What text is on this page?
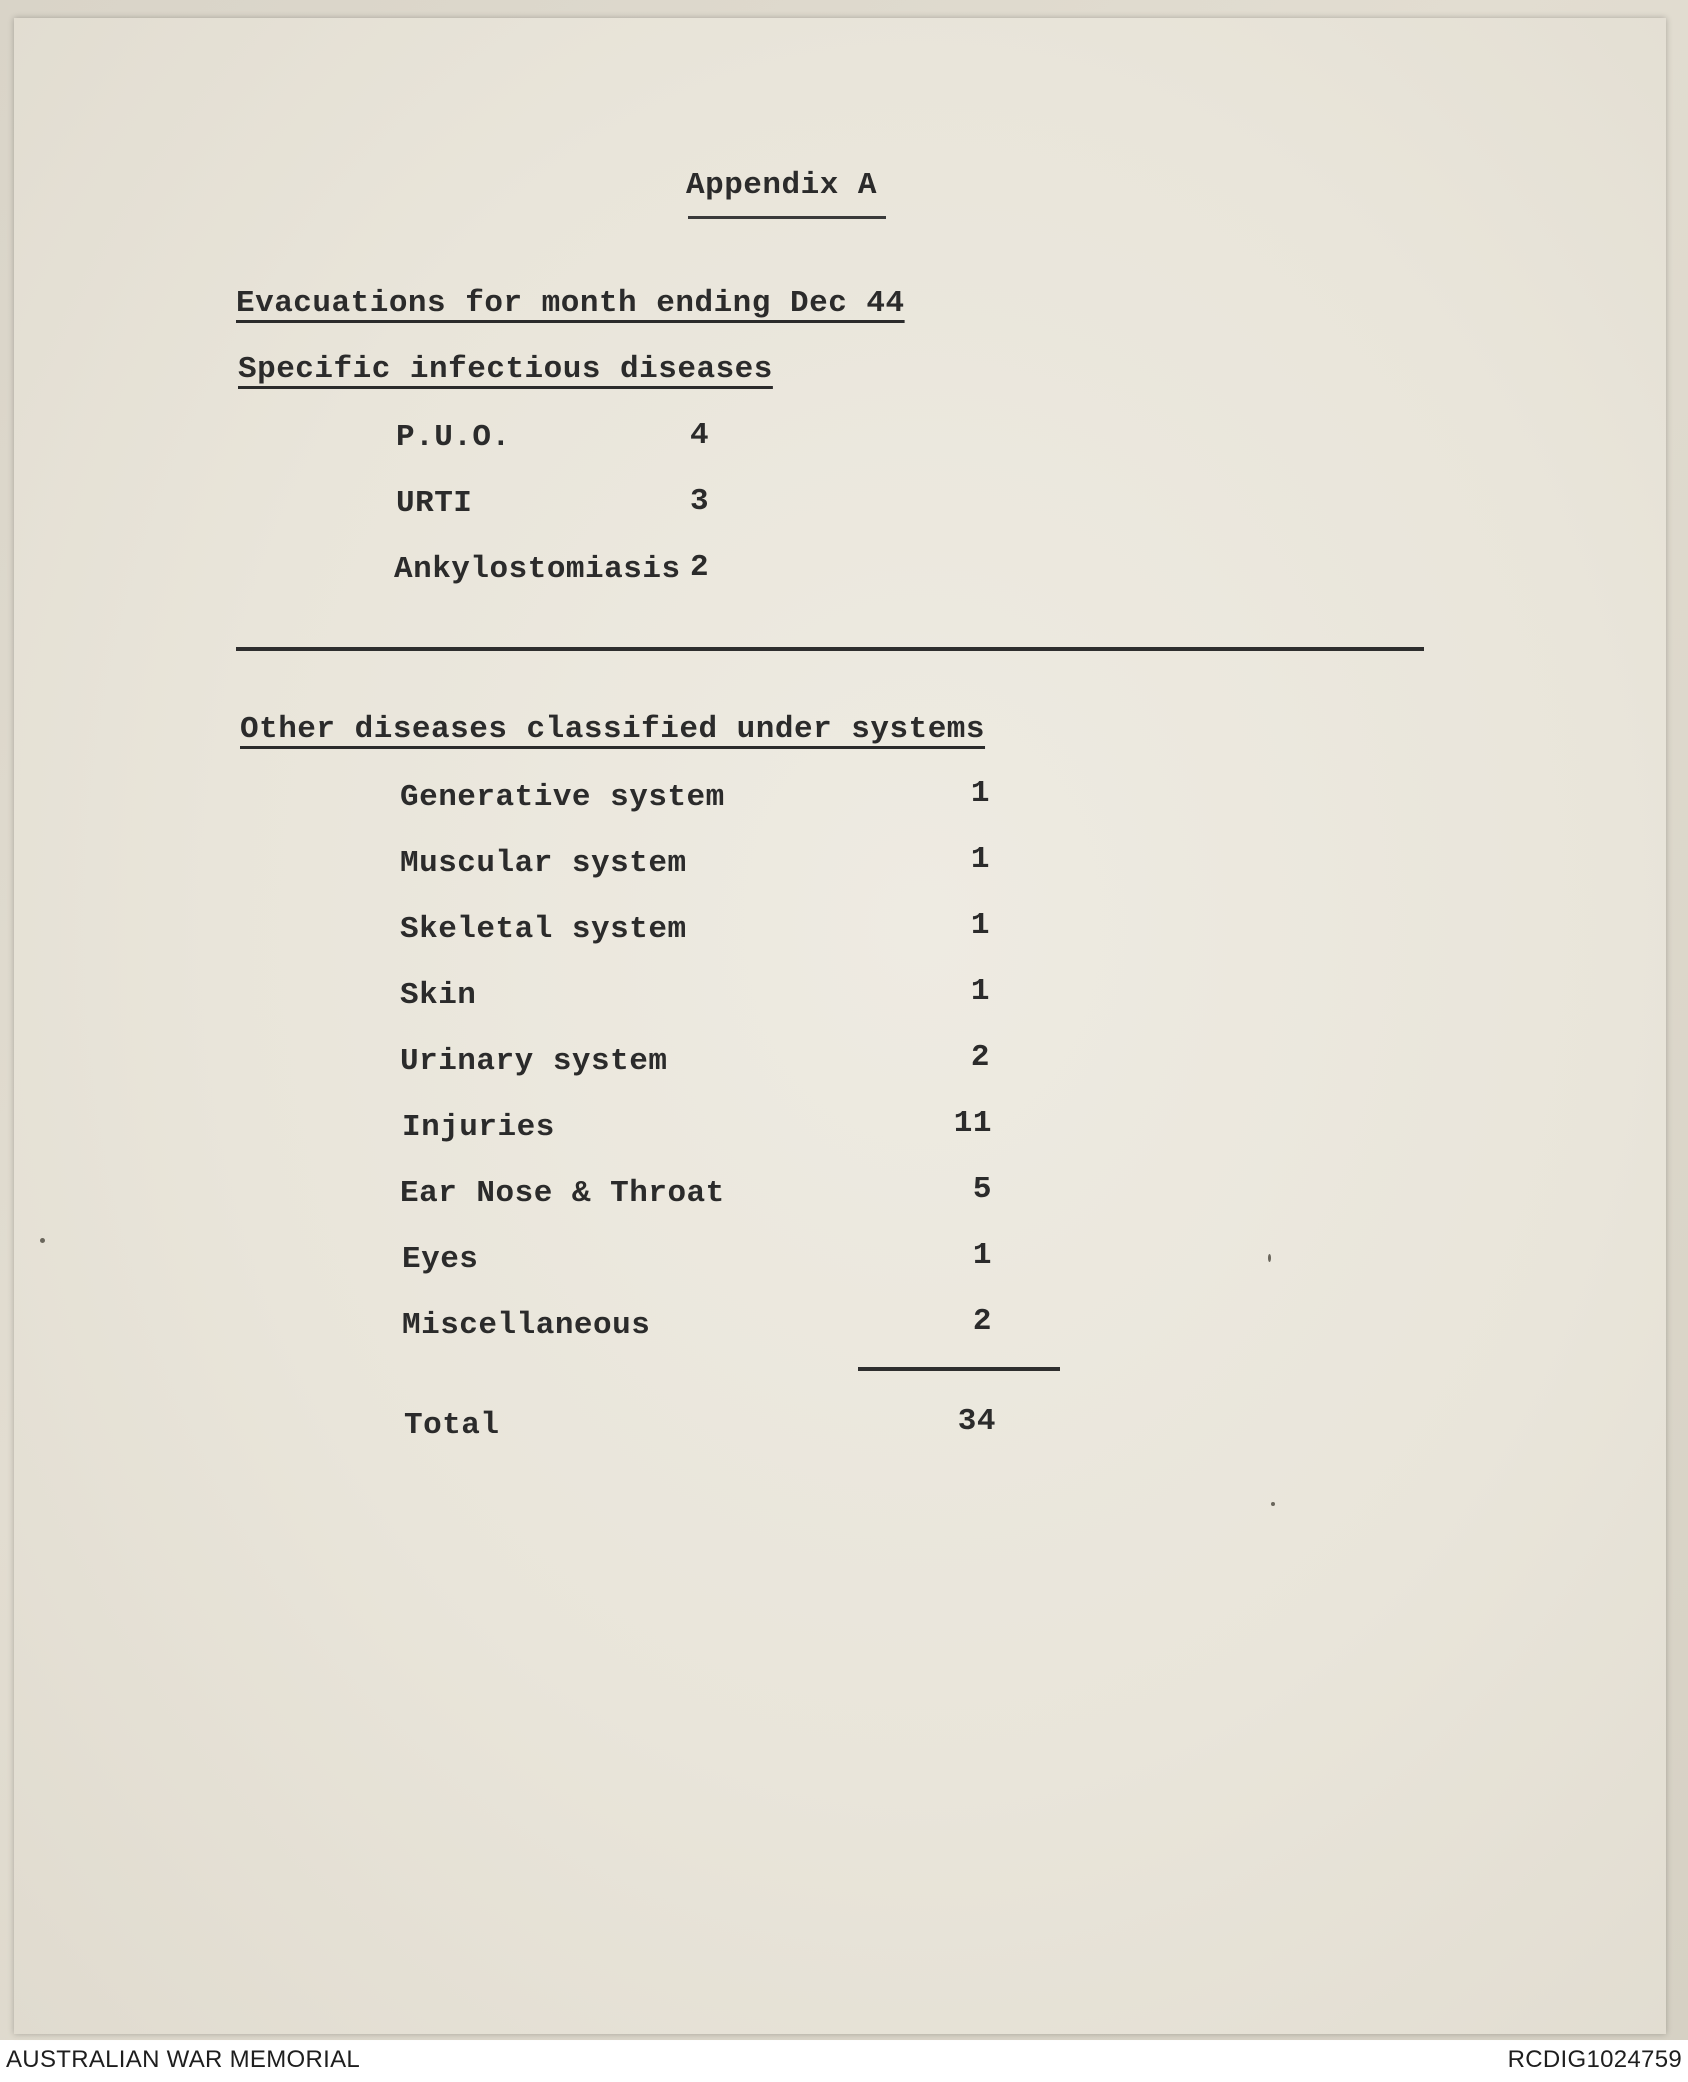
Appendix A
Evacuations for month ending Dec 44
Specific infectious diseases
P.U.O.	4
URTI	3
Ankylostomiasis 2
Other diseases classified under systems
Generative system	1
Muscular system	1
Skeletal system	1
Skin	1
Urinary system	2
Injuries	11
Ear Nose & Throat	5
Eyes	1
Miscellaneous	2
Total	34
AUSTRALIAN WAR MEMORIAL	RCDIG1024759
